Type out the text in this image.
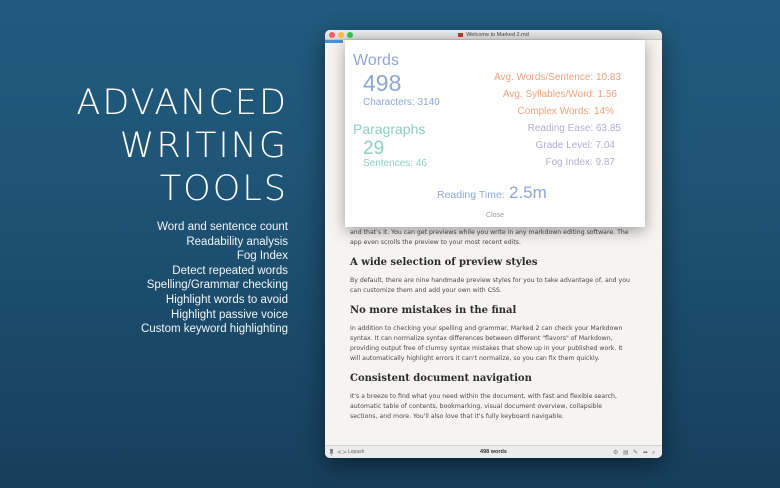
ADVANCED
WRITING
TOOLS
Word and sentence count
Readability analysis
Fog Index
Detect repeated words
Spelling/Grammar checking
Highlight words to avoid
Highlight passive voice
Custom keyword highlighting
Welcome to Marked 2.md

and that's it. You can get previews while you write in any markdown editing software. The app even scrolls the preview to your most recent edits.

A wide selection of preview styles

By default, there are nine handmade preview styles for you to take advantage of, and you can customize them and add your own with CSS.

No more mistakes in the final

In addition to checking your spelling and grammar, Marked 2 can check your Markdown syntax. It can normalize syntax differences between different "flavors" of Markdown, providing output free of clumsy syntax mistakes that show up in your published work. It will automatically highlight errors it can't normalize, so you can fix them quickly.

Consistent document navigation

It's a breeze to find what you need within the document, with fast and flexible search, automatic table of contents, bookmarking, visual document overview, collapsible sections, and more. You'll also love that it's fully keyboard navigable.

<> Lopash	498 words	⚙ ▤ ✎ ➦ ⌕
Words
498
Characters: 3140
Paragraphs
29
Sentences: 46
Avg. Words/Sentence: 10.83
Avg. Syllables/Word: 1.56
Complex Words: 14%
Reading Ease: 63.85
Grade Level: 7.04
Fog Index: 9.87
Reading Time: 2.5m
Close
